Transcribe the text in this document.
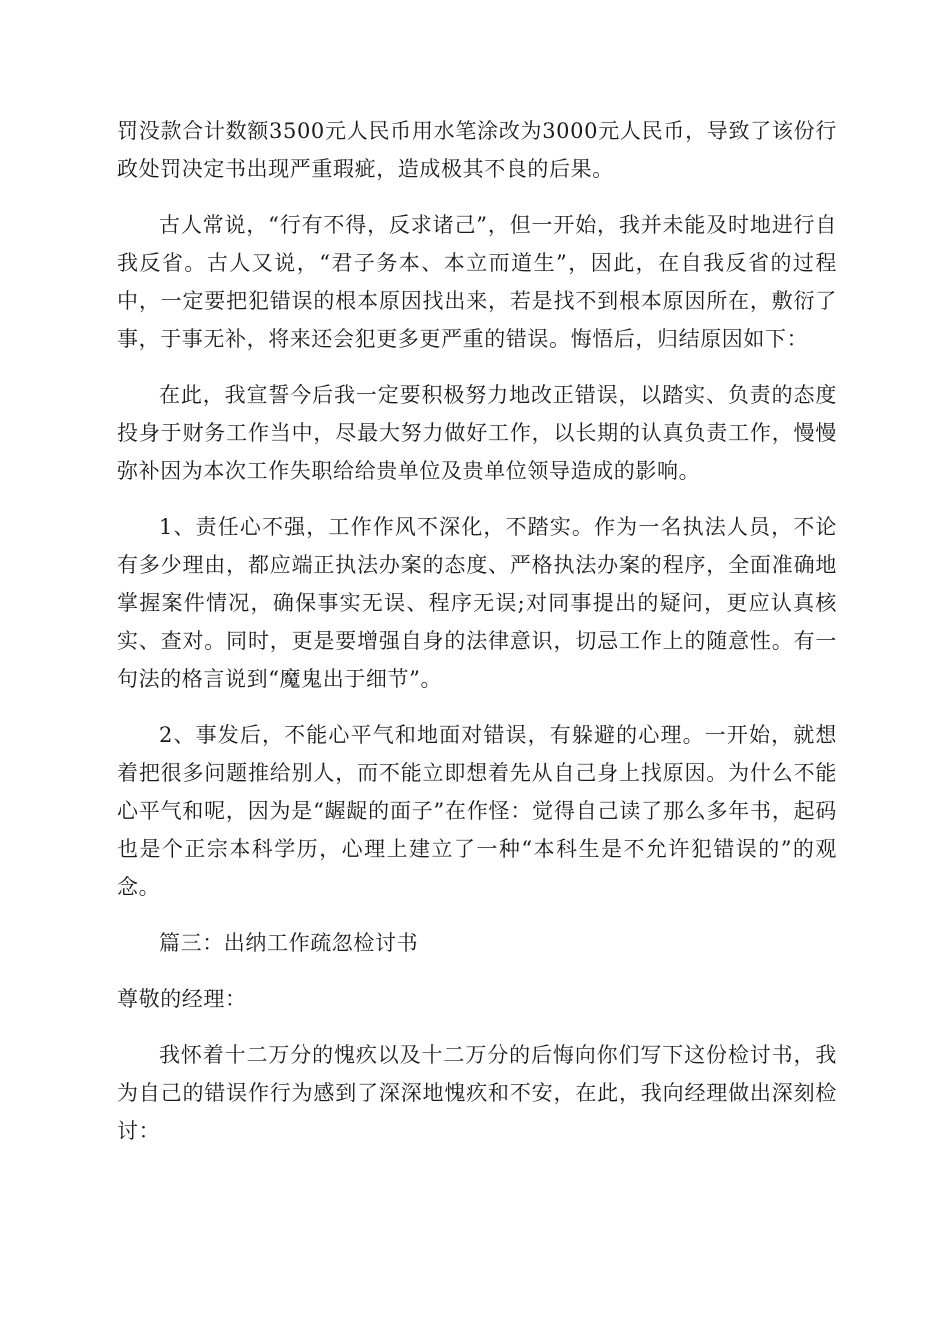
罚没款合计数额3500元人民币用水笔涂改为3000元人民币，导致了该份行政处罚决定书出现严重瑕疵，造成极其不良的后果。

古人常说，“行有不得，反求诸己”，但一开始，我并未能及时地进行自我反省。古人又说，“君子务本、本立而道生”，因此，在自我反省的过程中，一定要把犯错误的根本原因找出来，若是找不到根本原因所在，敷衍了事，于事无补，将来还会犯更多更严重的错误。悔悟后，归结原因如下：

在此，我宣誓今后我一定要积极努力地改正错误，以踏实、负责的态度投身于财务工作当中，尽最大努力做好工作，以长期的认真负责工作，慢慢弥补因为本次工作失职给给贵单位及贵单位领导造成的影响。

1、责任心不强，工作作风不深化，不踏实。作为一名执法人员，不论有多少理由，都应端正执法办案的态度、严格执法办案的程序，全面准确地掌握案件情况，确保事实无误、程序无误;对同事提出的疑问，更应认真核实、查对。同时，更是要增强自身的法律意识，切忌工作上的随意性。有一句法的格言说到“魔鬼出于细节”。

2、事发后，不能心平气和地面对错误，有躲避的心理。一开始，就想着把很多问题推给别人，而不能立即想着先从自己身上找原因。为什么不能心平气和呢，因为是“龌龊的面子”在作怪：觉得自己读了那么多年书，起码也是个正宗本科学历，心理上建立了一种“本科生是不允许犯错误的”的观念。

篇三：出纳工作疏忽检讨书

尊敬的经理：

我怀着十二万分的愧疚以及十二万分的后悔向你们写下这份检讨书，我为自己的错误作行为感到了深深地愧疚和不安，在此，我向经理做出深刻检讨：
